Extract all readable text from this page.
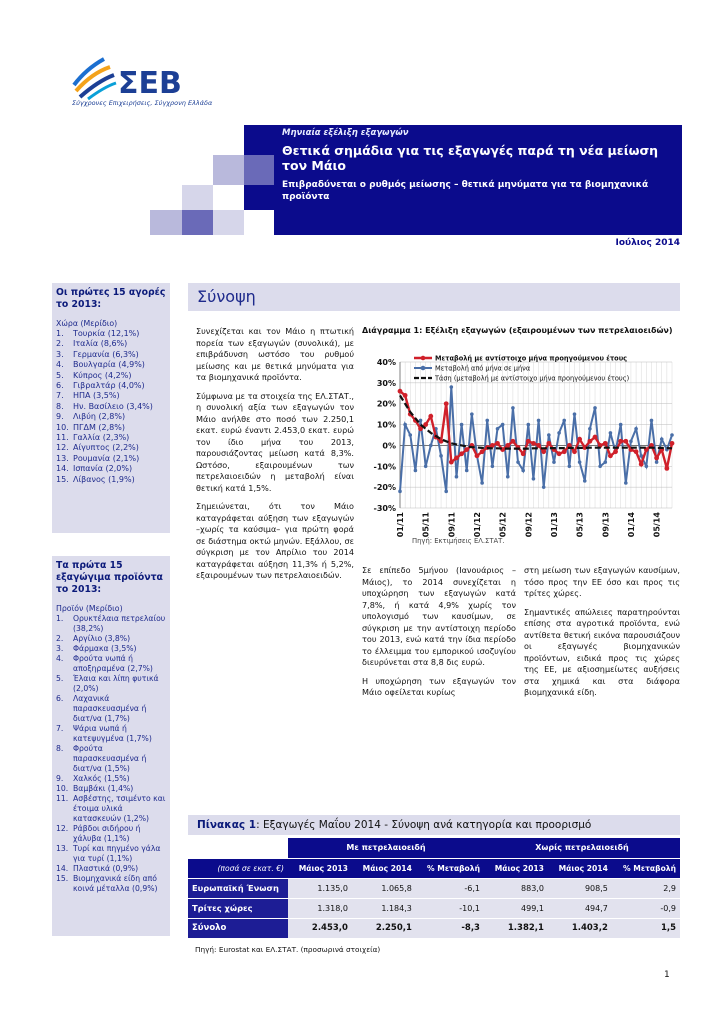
ΣΕΒ
Σύγχρονες Επιχειρήσεις, Σύγχρονη Ελλάδα
Μηνιαία εξέλιξη εξαγωγών
Θετικά σημάδια για τις εξαγωγές παρά τη νέα μείωση τον Μάιο
Επιβραδύνεται ο ρυθμός μείωσης – θετικά μηνύματα για τα βιομηχανικά προϊόντα
Ιούλιος 2014
Οι πρώτες 15 αγορές το 2013:
Χώρα (Μερίδιο)
1.	Τουρκία (12,1%)
2.	Ιταλία (8,6%)
3.	Γερμανία (6,3%)
4.	Βουλγαρία (4,9%)
5.	Κύπρος (4,2%)
6.	Γιβραλτάρ (4,0%)
7.	ΗΠΑ (3,5%)
8.	Ην. Βασίλειο (3,4%)
9.	Λιβύη (2,8%)
10. ΠΓΔΜ (2,8%)
11. Γαλλία (2,3%)
12. Αίγυπτος (2,2%)
13. Ρουμανία (2,1%)
14. Ισπανία (2,0%)
15. Λίβανος (1,9%)
Τα πρώτα 15 εξαγώγιμα προϊόντα το 2013:
Προϊόν (Μερίδιο)
1.	Ορυκτέλαια πετρελαίου (38,2%)
2.	Αργίλιο (3,8%)
3.	Φάρμακα (3,5%)
4.	Φρούτα νωπά ή αποξηραμένα (2,7%)
5.	Έλαια και λίπη φυτικά (2,0%)
6.	Λαχανικά παρασκευασμένα ή διατ/να (1,7%)
7.	Ψάρια νωπά ή κατεψυγμένα (1,7%)
8.	Φρούτα παρασκευασμένα ή διατ/να (1,5%)
9.	Χαλκός (1,5%)
10. Βαμβάκι (1,4%)
11. Ασβέστης, τσιμέντο και έτοιμα υλικά κατασκευών (1,2%)
12. Ράβδοι σιδήρου ή χάλυβα (1,1%)
13. Τυρί και πηγμένο γάλα για τυρί (1,1%)
14. Πλαστικά (0,9%)
15. Βιομηχανικά είδη από κοινά μέταλλα (0,9%)
Σύνοψη

Συνεχίζεται και τον Μάιο η πτωτική πορεία των εξαγωγών (συνολικά), με επιβράδυνση ωστόσο του ρυθμού μείωσης και με θετικά μηνύματα για τα βιομηχανικά προϊόντα.

Σύμφωνα με τα στοιχεία της ΕΛ.ΣΤΑΤ., η συνολική αξία των εξαγωγών τον Μάιο ανήλθε στο ποσό των 2.250,1 εκατ. ευρώ έναντι 2.453,0 εκατ. ευρώ τον ίδιο μήνα του 2013, παρουσιάζοντας μείωση κατά 8,3%. Ωστόσο, εξαιρουμένων των πετρελαιοειδών η μεταβολή είναι θετική κατά 1,5%.

Σημειώνεται, ότι τον Μάιο καταγράφεται αύξηση των εξαγωγών –χωρίς τα καύσιμα– για πρώτη φορά σε διάστημα οκτώ μηνών. Εξάλλου, σε σύγκριση με τον Απρίλιο του 2014 καταγράφεται αύξηση 11,3% ή 5,2%, εξαιρουμένων των πετρελαιοειδών.	Σε επίπεδο 5μήνου (Ιανουάριος – Μάιος), το 2014 συνεχίζεται η υποχώρηση των εξαγωγών κατά 7,8%, ή κατά 4,9% χωρίς τον υπολογισμό των καυσίμων, σε σύγκριση με την αντίστοιχη περίοδο του 2013, ενώ κατά την ίδια περίοδο το έλλειμμα του εμπορικού ισοζυγίου διευρύνεται στα 8,8 δις ευρώ.

Η υποχώρηση των εξαγωγών τον Μάιο οφείλεται κυρίως

στη μείωση των εξαγωγών καυσίμων, τόσο προς την ΕΕ όσο και προς τις τρίτες χώρες.

Σημαντικές απώλειες παρατηρούνται επίσης στα αγροτικά προϊόντα, ενώ αντίθετα θετική εικόνα παρουσιάζουν οι εξαγωγές βιομηχανικών προϊόντων, ειδικά προς τις χώρες της ΕΕ, με αξιοσημείωτες αυξήσεις στα χημικά και στα διάφορα βιομηχανικά είδη.

Διάγραμμα 1: Εξέλιξη εξαγωγών (εξαιρουμένων των πετρελαιοειδών)
40%
30%
20%
10%
0%
-10%
-20%
-30%
01/11 05/11 09/11 01/12 05/12 09/12 01/13 05/13 09/13 01/14 05/14
Μεταβολή με αντίστοιχο μήνα προηγούμενου έτους
Μεταβολή από μήνα σε μήνα
Τάση (μεταβολή με αντίστοιχο μήνα προηγούμενου έτους)
Πηγή: Εκτιμήσεις ΕΛ.ΣΤΑΤ.
Πίνακας 1: Εξαγωγές Μαΐου 2014 - Σύνοψη ανά κατηγορία και προορισμό
	Με πετρελαιοειδή			Χωρίς πετρελαιοειδή		
(ποσά σε εκατ. €)	Μάιος 2013	Μάιος 2014	% Μεταβολή	Μάιος 2013	Μάιος 2014	% Μεταβολή
Ευρωπαϊκή Ένωση	1.135,0	1.065,8	-6,1	883,0	908,5	2,9
Τρίτες χώρες	1.318,0	1.184,3	-10,1	499,1	494,7	-0,9
Σύνολο	2.453,0	2.250,1	-8,3	1.382,1	1.403,2	1,5
Πηγή: Eurostat και ΕΛ.ΣΤΑΤ. (προσωρινά στοιχεία)
1
